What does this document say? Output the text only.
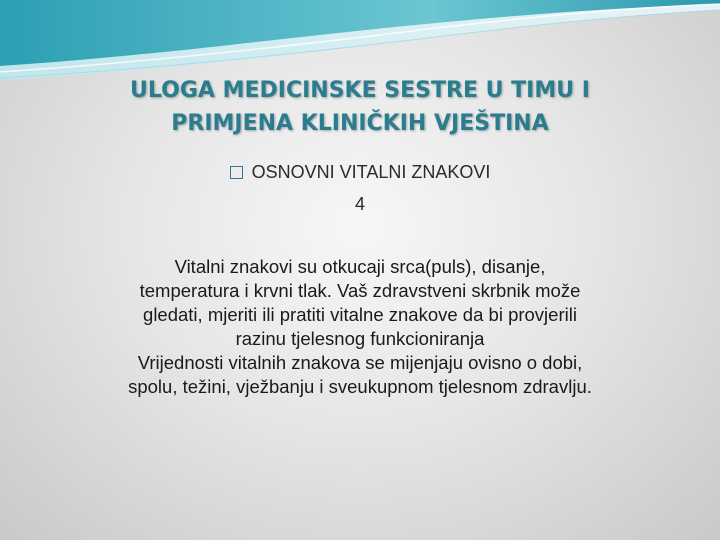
ULOGA MEDICINSKE SESTRE U TIMU I
PRIMJENA KLINIČKIH VJEŠTINA
OSNOVNI VITALNI ZNAKOVI
4
Vitalni znakovi su otkucaji srca(puls), disanje,
temperatura i krvni tlak. Vaš zdravstveni skrbnik može
gledati, mjeriti ili pratiti vitalne znakove da bi provjerili
razinu tjelesnog funkcioniranja
Vrijednosti vitalnih znakova se mijenjaju ovisno o dobi,
spolu, težini, vježbanju i sveukupnom tjelesnom zdravlju.
